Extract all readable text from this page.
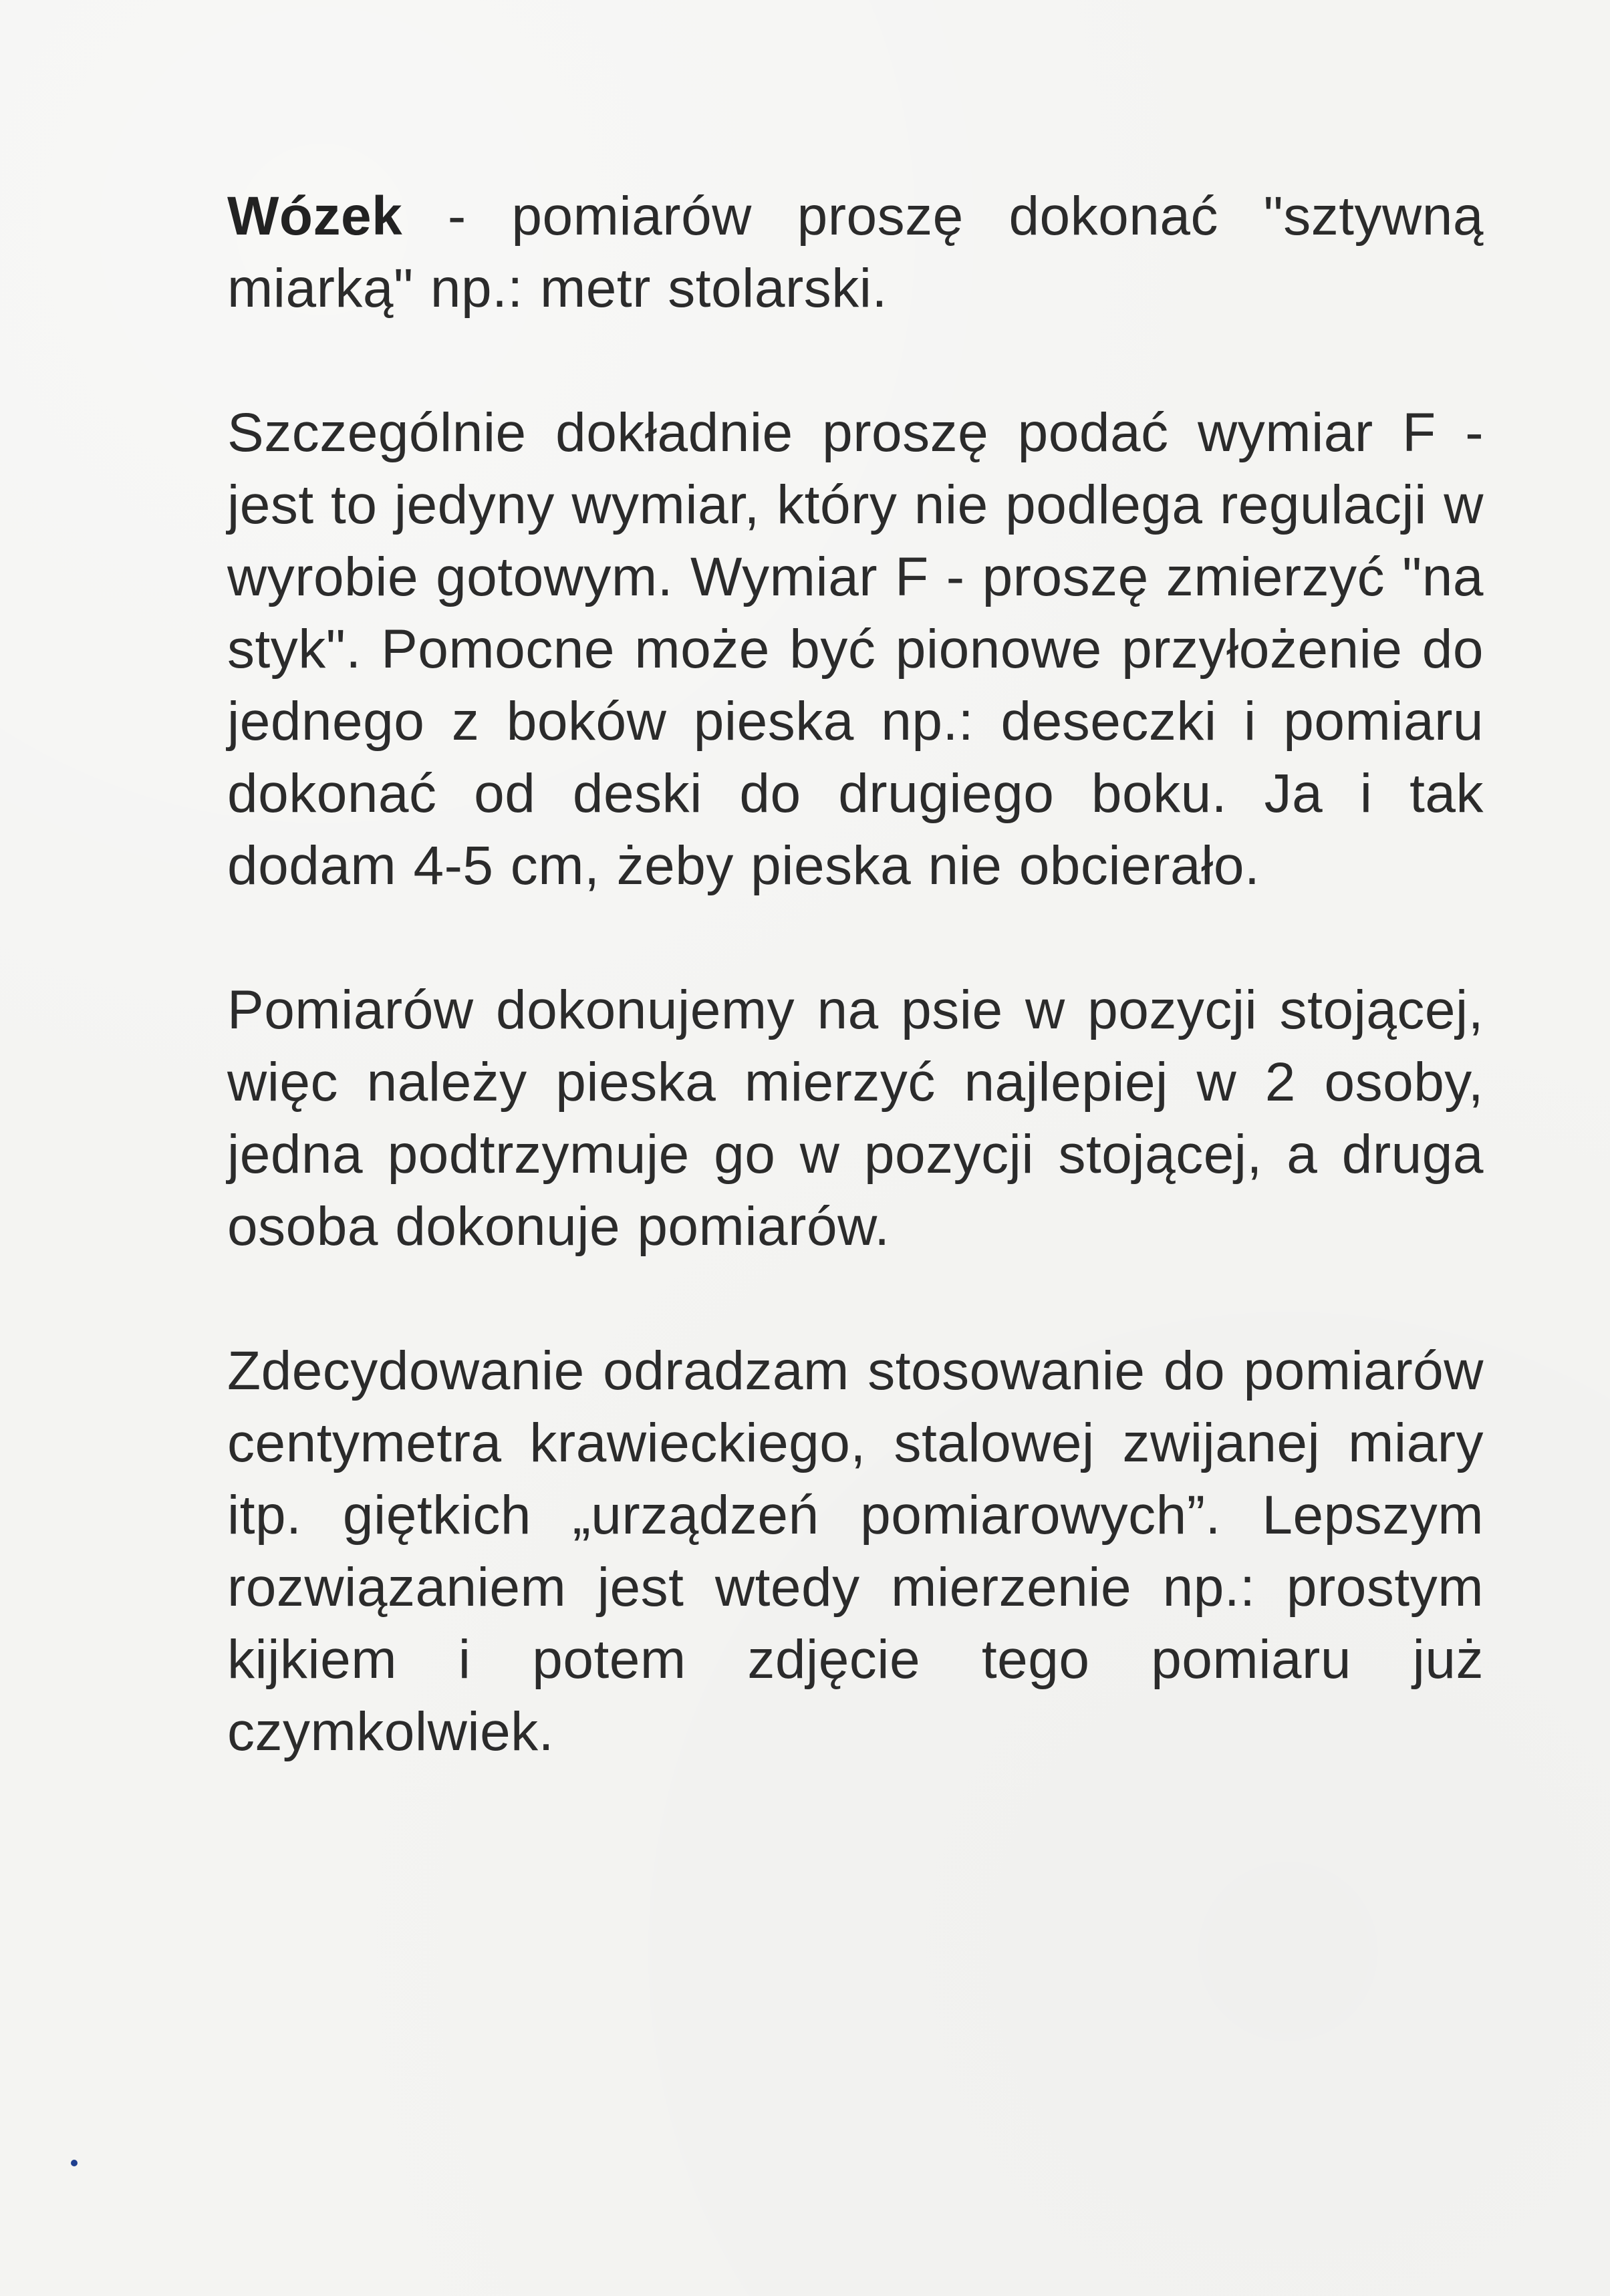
Wózek - pomiarów proszę dokonać "sztywną miarką" np.: metr stolarski.

Szczególnie dokładnie proszę podać wymiar F - jest to jedyny wymiar, który nie podlega regulacji w wyrobie gotowym. Wymiar F - proszę zmierzyć "na styk". Pomocne może być pionowe przyłożenie do jednego z boków pieska np.: deseczki i pomiaru dokonać od deski do drugiego boku. Ja i tak dodam 4-5 cm, żeby pieska nie obcierało.

Pomiarów dokonujemy na psie w pozycji stojącej, więc należy pieska mierzyć najlepiej w 2 osoby, jedna podtrzymuje go w pozycji stojącej, a druga osoba dokonuje pomiarów.

Zdecydowanie odradzam stosowanie do pomiarów centymetra krawieckiego, stalowej zwijanej miary itp. giętkich „urządzeń pomiarowych”. Lepszym rozwiązaniem jest wtedy mierzenie np.: prostym kijkiem i potem zdjęcie tego pomiaru już czymkolwiek.
